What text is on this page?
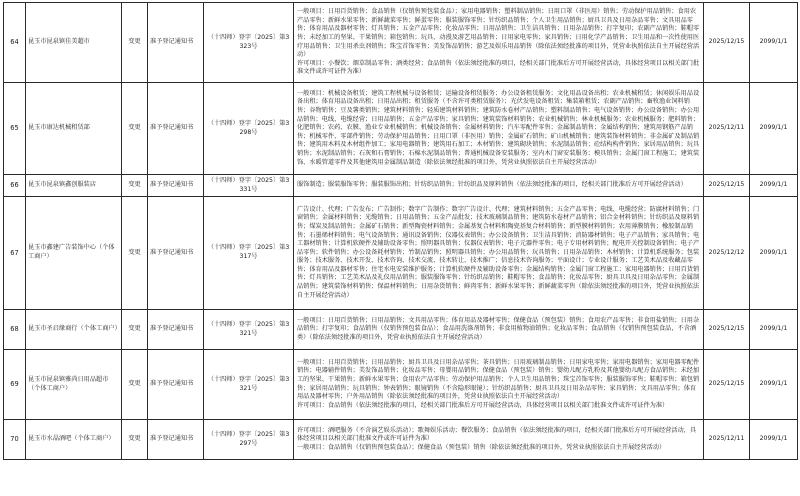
64	昆玉市昆泉镇佳美超市	变更	准予登记通知书	（十四师）登字〔2025〕第3323号	一般项目：日用百货销售；食品销售（仅销售预包装食品）；家用电器销售；塑料制品销售；日用口罩（非医用）销售；劳动保护用品销售；食用农产品零售；新鲜水果零售；新鲜蔬菜零售；鲜蛋零售；服装服饰零售；针纺织品销售；个人卫生用品销售；厨具卫具及日用杂品零售；文具用品零售；体育用品及器材零售；灯具销售；五金产品零售；化妆品零售；日用品销售；卫生洁具销售；日用杂品销售；打字复印；农副产品销售；鞋帽零售；未经加工的坚果、干果销售；箱包销售；玩具、动漫及游艺用品销售；日用家电零售；家具销售；日用化学产品销售；卫生用品和一次性使用医疗用品销售；卫生用杀虫剂销售；珠宝首饰零售；美发饰品销售；游艺及娱乐用品销售（除依法须经批准的项目外，凭营业执照依法自主开展经营活动）
许可项目：小餐饮；烟草制品零售；酒类经营；食品销售（依法须经批准的项目，经相关部门批准后方可开展经营活动，具体经营项目以相关部门批准文件或许可证件为准）	2025/12/15	2099/1/1
65	昆玉市康达机械租赁部	变更	准予登记通知书	（十四师）登字〔2025〕第3298号	一般项目：机械设备租赁；建筑工程机械与设备租赁；运输设备租赁服务；办公设备租赁服务；文化用品设备出租；农业机械租赁；休闲娱乐用品设备出租；体育用品设备出租；日用品出租；租赁服务（不含许可类租赁服务）；光伏发电设备租赁；集装箱租赁；农副产品销售；畜牧渔业饲料销售；谷物销售；豆及薯类销售；建筑材料销售；轻质建筑材料销售；建筑防水卷材产品销售；塑料制品销售；电气设备销售；办公设备销售；办公用品销售；电线、电缆经营；日用品销售；五金产品零售；家具销售；建筑装饰材料销售；农业机械销售；林业机械服务；农业机械服务；肥料销售；化肥销售；农药、农膜、渔业专业机械销售；机械设备销售；金属材料销售；汽车零配件零售；金属制品销售；金属结构销售；建筑用钢筋产品销售；机械零件、零部件销售；劳动保护用品销售；日用口罩（非医用）销售；金属矿石销售；矿山机械销售；建筑装饰材料销售；非金属矿及制品销售；建筑用木料及木材组件加工；家用电器销售；建筑用石加工；木材销售；建筑砌块销售；水泥制品销售；砼结构构件销售；家居用品销售；玩具销售；水泥制品销售；石灰和石膏销售；石棉水泥制品销售；普通机械设备安装服务；室内木门窗安装服务；模具销售；金属门窗工程施工；建筑装饰、水暖管道零件及其他建筑用金属制品制造（除依法须经批准的项目外，凭营业执照依法自主开展经营活动）	2025/12/11	2099/1/1
66	昆玉市昆泉镇鑫创服装店	变更	准予登记通知书	（十四师）登字〔2025〕第3331号	服饰制造；服装服饰零售；服装服饰出租；针纺织品销售；针纺织品及原料销售（依法须经批准的项目，经相关部门批准后方可开展经营活动）	2025/12/15	2099/1/1
67	昆玉市鑫建广告装饰中心（个体工商户）	变更	准予登记通知书	（十四师）登字〔2025〕第3317号	广告设计、代理；广告发布；广告制作；数字广告制作；数字广告设计、代理；建筑材料销售；五金产品零售；电线、电缆经营；防腐材料销售；门窗销售；金属材料销售；光缆销售；日用品销售；五金产品批发；技术玻璃制品销售；建筑防水卷材产品销售；铝合金材料销售；针纺织品及原料销售；煤炭及制品销售；金属矿石销售；新型陶瓷材料销售；金属基复合材料和陶瓷基复合材料销售；新型膜材料销售；农用薄膜销售；橡胶制品销售；石墨烯材料销售；电气设备销售；通讯设备销售；仪器仪表销售；办公设备销售；卫生洁具销售；消防器材销售；电子产品销售；家具销售；电工器材销售；计算机软硬件及辅助设备零售；照明器具销售；仪器仪表销售；电子元器件零售；电子专用材料销售；配电开关控制设备销售；电子产品零售；软件销售；办公设备耗材销售；竹制品销售；照明器具销售；办公用品销售；玩具销售；日用杂品销售；木材销售；计算机系统服务；包装服务；技术服务、技术开发、技术咨询、技术交流、技术转让、技术推广；信息技术咨询服务；平面设计；专业设计服务；工艺美术品及收藏品零售；体育用品及器材零售；住宅水电安装维护服务；计算机软硬件及辅助设备零售；金属结构销售；金属门窗工程施工；家用电器销售；日用百货销售；灯具销售；工艺美术品及礼仪用品销售；服装服饰零售；针纺织品销售；鞋帽零售；食品销售；化妆品零售；厨具卫具及日用杂品零售；金属制品销售；建筑装饰材料销售；保温材料销售；日用杂货销售；鲜肉零售；新鲜水果零售；新鲜蔬菜零售（除依法须经批准的项目外，凭营业执照依法自主开展经营活动）	2025/12/12	2099/1/1
68	昆玉市圣启缘商行（个体工商户）	变更	准予登记通知书	（十四师）登字〔2025〕第3321号	一般项目：日用百货销售；日用品销售；文具用品零售；体育用品及器材零售；保健食品（预包装）销售；食用农产品零售；非食用盐销售；日用杂品销售；打字复印；食品销售（仅销售预包装食品）；食品用洗涤剂销售；非食用植物油销售；化妆品零售；食品销售（仅销售预包装食品，不含酒类）（除依法须经批准的项目外，凭营业执照依法自主开展经营活动）	2025/12/15	2099/1/1
69	昆玉市昆泉镇雅尚日用品超市（个体工商户）	变更	准予登记通知书	（十四师）登字〔2025〕第3321号	一般项目：日用百货销售；日用品销售；厨具卫具及日用杂品零售；茶具销售；日用玻璃制品销售；日用家电零售；家用电器销售；家用电器零配件销售；电器辅件销售；美发饰品销售；化妆品零售；母婴用品销售；保健食品（预包装）销售；婴幼儿配方乳粉及其他婴幼儿配方食品销售；未经加工的坚果、干果销售；新鲜水果零售；食用农产品零售；劳动保护用品销售；个人卫生用品销售；珠宝首饰零售；服装服饰零售；鞋帽零售；箱包销售；家居用品销售；玩具销售；钟表销售；眼镜销售（不含隐形眼镜）；针纺织品销售；厨具卫具及日用杂品零售；家具销售；文具用品零售；体育用品及器材零售；户外用品销售（除依法须经批准的项目外，凭营业执照依法自主开展经营活动）
许可项目：食品销售（依法须经批准的项目，经相关部门批准后方可开展经营活动，具体经营项目以相关部门批准文件或许可证件为准）	2025/12/15	2099/1/1
70	昆玉市水晶酒吧（个体工商户）	变更	准予登记通知书	（十四师）登字〔2025〕第3297号	许可项目：酒吧服务（不含演艺娱乐活动）；歌舞娱乐活动；餐饮服务；食品销售（依法须经批准的项目，经相关部门批准后方可开展经营活动，具体经营项目以相关部门批准文件或许可证件为准）
一般项目：食品销售（仅销售预包装食品）；保健食品（预包装）销售（除依法须经批准的项目外，凭营业执照依法自主开展经营活动）	2025/12/11	2099/1/1
